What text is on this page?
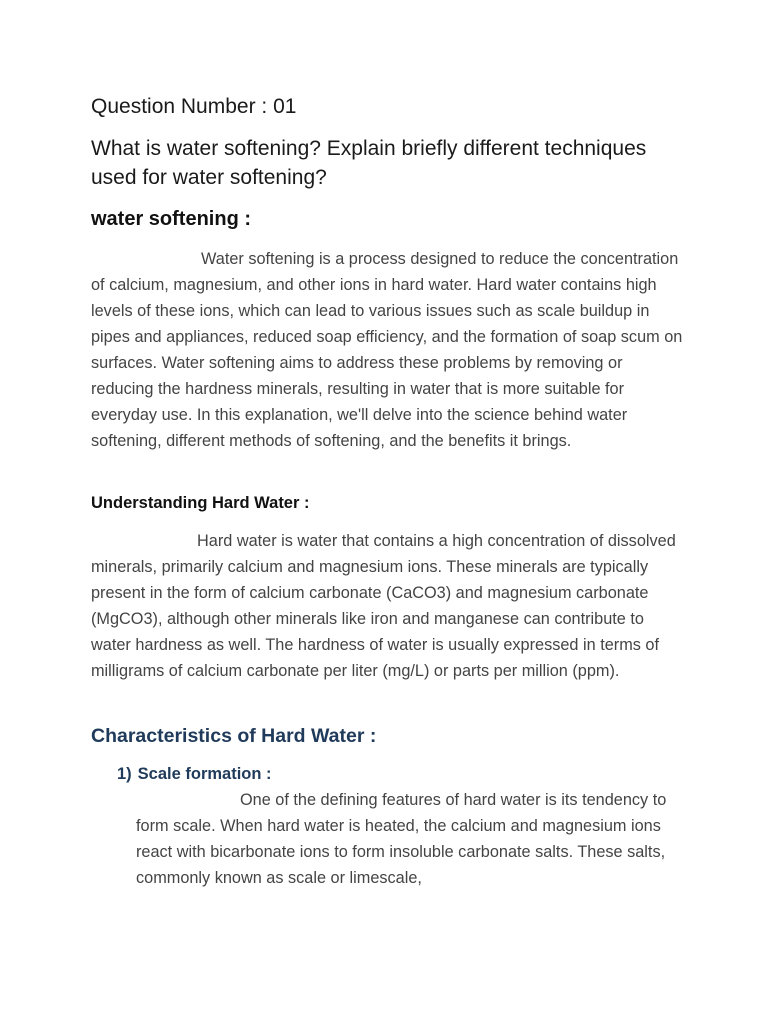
Question Number : 01

What is water softening? Explain briefly different techniques used for water softening?

water softening :

Water softening is a process designed to reduce the concentration of calcium, magnesium, and other ions in hard water. Hard water contains high levels of these ions, which can lead to various issues such as scale buildup in pipes and appliances, reduced soap efficiency, and the formation of soap scum on surfaces. Water softening aims to address these problems by removing or reducing the hardness minerals, resulting in water that is more suitable for everyday use. In this explanation, we'll delve into the science behind water softening, different methods of softening, and the benefits it brings.

Understanding Hard Water :

Hard water is water that contains a high concentration of dissolved minerals, primarily calcium and magnesium ions. These minerals are typically present in the form of calcium carbonate (CaCO3) and magnesium carbonate (MgCO3), although other minerals like iron and manganese can contribute to water hardness as well. The hardness of water is usually expressed in terms of milligrams of calcium carbonate per liter (mg/L) or parts per million (ppm).

Characteristics of Hard Water :

1) Scale formation :

One of the defining features of hard water is its tendency to form scale. When hard water is heated, the calcium and magnesium ions react with bicarbonate ions to form insoluble carbonate salts. These salts, commonly known as scale or limescale,
